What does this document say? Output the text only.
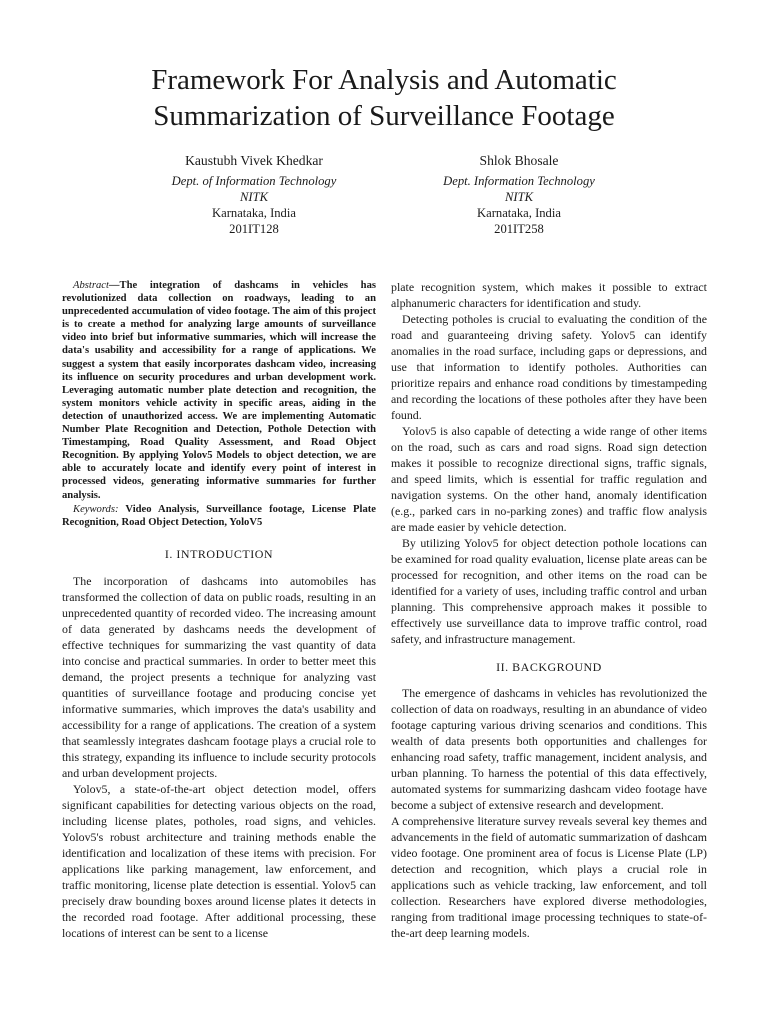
Framework For Analysis and Automatic
Summarization of Surveillance Footage
Kaustubh Vivek Khedkar
Dept. of Information Technology
NITK
Karnataka, India
201IT128
Shlok Bhosale
Dept. Information Technology
NITK
Karnataka, India
201IT258
Abstract—The integration of dashcams in vehicles has revolutionized data collection on roadways, leading to an unprecedented accumulation of video footage. The aim of this project is to create a method for analyzing large amounts of surveillance video into brief but informative summaries, which will increase the data's usability and accessibility for a range of applications. We suggest a system that easily incorporates dashcam video, increasing its influence on security procedures and urban development work. Leveraging automatic number plate detection and recognition, the system monitors vehicle activity in specific areas, aiding in the detection of unauthorized access. We are implementing Automatic Number Plate Recognition and Detection, Pothole Detection with Timestamping, Road Quality Assessment, and Road Object Recognition. By applying Yolov5 Models to object detection, we are able to accurately locate and identify every point of interest in processed videos, generating informative summaries for further analysis.
Keywords: Video Analysis, Surveillance footage, License Plate Recognition, Road Object Detection, YoloV5
I. INTRODUCTION

The incorporation of dashcams into automobiles has transformed the collection of data on public roads, resulting in an unprecedented quantity of recorded video. The increasing amount of data generated by dashcams needs the development of effective techniques for summarizing the vast quantity of data into concise and practical summaries. In order to better meet this demand, the project presents a technique for analyzing vast quantities of surveillance footage and producing concise yet informative summaries, which improves the data's usability and accessibility for a range of applications. The creation of a system that seamlessly integrates dashcam footage plays a crucial role to this strategy, expanding its influence to include security protocols and urban development projects.

Yolov5, a state-of-the-art object detection model, offers significant capabilities for detecting various objects on the road, including license plates, potholes, road signs, and vehicles. Yolov5's robust architecture and training methods enable the identification and localization of these items with precision. For applications like parking management, law enforcement, and traffic monitoring, license plate detection is essential. Yolov5 can precisely draw bounding boxes around license plates it detects in the recorded road footage. After additional processing, these locations of interest can be sent to a license

plate recognition system, which makes it possible to extract alphanumeric characters for identification and study.

Detecting potholes is crucial to evaluating the condition of the road and guaranteeing driving safety. Yolov5 can identify anomalies in the road surface, including gaps or depressions, and use that information to identify potholes. Authorities can prioritize repairs and enhance road conditions by timestampeding and recording the locations of these potholes after they have been found.

Yolov5 is also capable of detecting a wide range of other items on the road, such as cars and road signs. Road sign detection makes it possible to recognize directional signs, traffic signals, and speed limits, which is essential for traffic regulation and navigation systems. On the other hand, anomaly identification (e.g., parked cars in no-parking zones) and traffic flow analysis are made easier by vehicle detection.

By utilizing Yolov5 for object detection pothole locations can be examined for road quality evaluation, license plate areas can be processed for recognition, and other items on the road can be identified for a variety of uses, including traffic control and urban planning. This comprehensive approach makes it possible to effectively use surveillance data to improve traffic control, road safety, and infrastructure management.

II. BACKGROUND

The emergence of dashcams in vehicles has revolutionized the collection of data on roadways, resulting in an abundance of video footage capturing various driving scenarios and conditions. This wealth of data presents both opportunities and challenges for enhancing road safety, traffic management, incident analysis, and urban planning. To harness the potential of this data effectively, automated systems for summarizing dashcam video footage have become a subject of extensive research and development.

A comprehensive literature survey reveals several key themes and advancements in the field of automatic summarization of dashcam video footage. One prominent area of focus is License Plate (LP) detection and recognition, which plays a crucial role in applications such as vehicle tracking, law enforcement, and toll collection. Researchers have explored diverse methodologies, ranging from traditional image processing techniques to state-of-the-art deep learning models.
